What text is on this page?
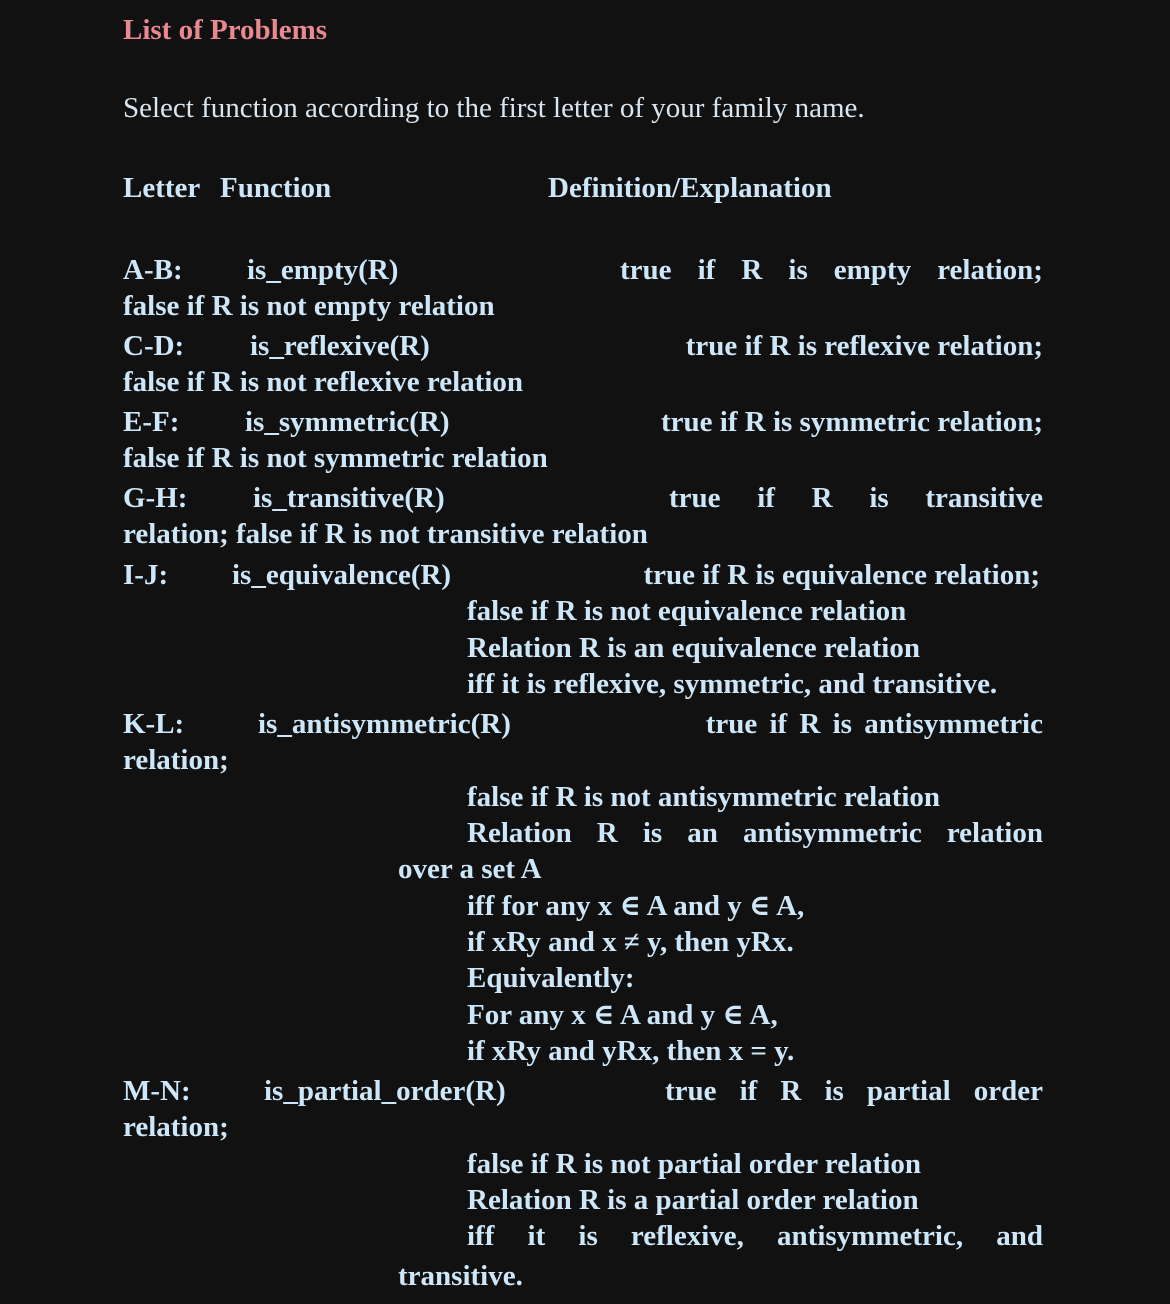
List of Problems
Select function according to the first letter of your family name.
Letter Function	Definition/Explanation
A-B: is_empty(R)	true if R is empty relation;
false if R is not empty relation
C-D: is_reflexive(R)	true if R is reflexive relation;
false if R is not reflexive relation
E-F: is_symmetric(R)	true if R is symmetric relation;
false if R is not symmetric relation
G-H: is_transitive(R)	true if R is transitive
relation; false if R is not transitive relation
I-J: is_equivalence(R)	true if R is equivalence relation;
false if R is not equivalence relation
Relation R is an equivalence relation
iff it is reflexive, symmetric, and transitive.
K-L:	is_antisymmetric(R)	true if R is antisymmetric
relation;
false if R is not antisymmetric relation
Relation R is an antisymmetric relation
over a set A
iff for any x ∈ A and y ∈ A,
if xRy and x ≠ y, then yRx.
Equivalently:
For any x ∈ A and y ∈ A,
if xRy and yRx, then x = y.
M-N:	is_partial_order(R)	true if R is partial order
relation;
false if R is not partial order relation
Relation R is a partial order relation
iff it is reflexive, antisymmetric, and
transitive.
